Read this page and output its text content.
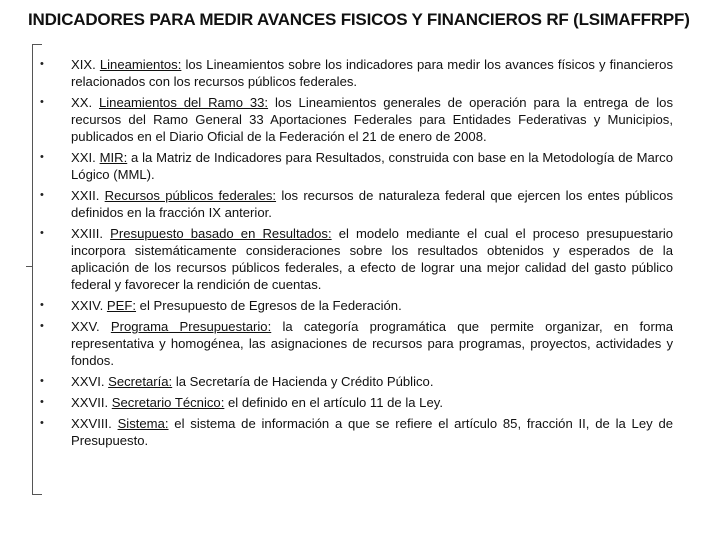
INDICADORES PARA MEDIR AVANCES FISICOS Y FINANCIEROS RF (LSIMAFFRPF)
• XIX. Lineamientos: los Lineamientos sobre los indicadores para medir los avances físicos y financieros relacionados con los recursos públicos federales.
• XX. Lineamientos del Ramo 33: los Lineamientos generales de operación para la entrega de los recursos del Ramo General 33 Aportaciones Federales para Entidades Federativas y Municipios, publicados en el Diario Oficial de la Federación el 21 de enero de 2008.
• XXI. MIR: a la Matriz de Indicadores para Resultados, construida con base en la Metodología de Marco Lógico (MML).
• XXII. Recursos públicos federales: los recursos de naturaleza federal que ejercen los entes públicos definidos en la fracción IX anterior.
• XXIII. Presupuesto basado en Resultados: el modelo mediante el cual el proceso presupuestario incorpora sistemáticamente consideraciones sobre los resultados obtenidos y esperados de la aplicación de los recursos públicos federales, a efecto de lograr una mejor calidad del gasto público federal y favorecer la rendición de cuentas.
• XXIV. PEF: el Presupuesto de Egresos de la Federación.
• XXV. Programa Presupuestario: la categoría programática que permite organizar, en forma representativa y homogénea, las asignaciones de recursos para programas, proyectos, actividades y fondos.
• XXVI. Secretaría: la Secretaría de Hacienda y Crédito Público.
• XXVII. Secretario Técnico: el definido en el artículo 11 de la Ley.
• XXVIII. Sistema: el sistema de información a que se refiere el artículo 85, fracción II, de la Ley de Presupuesto.
